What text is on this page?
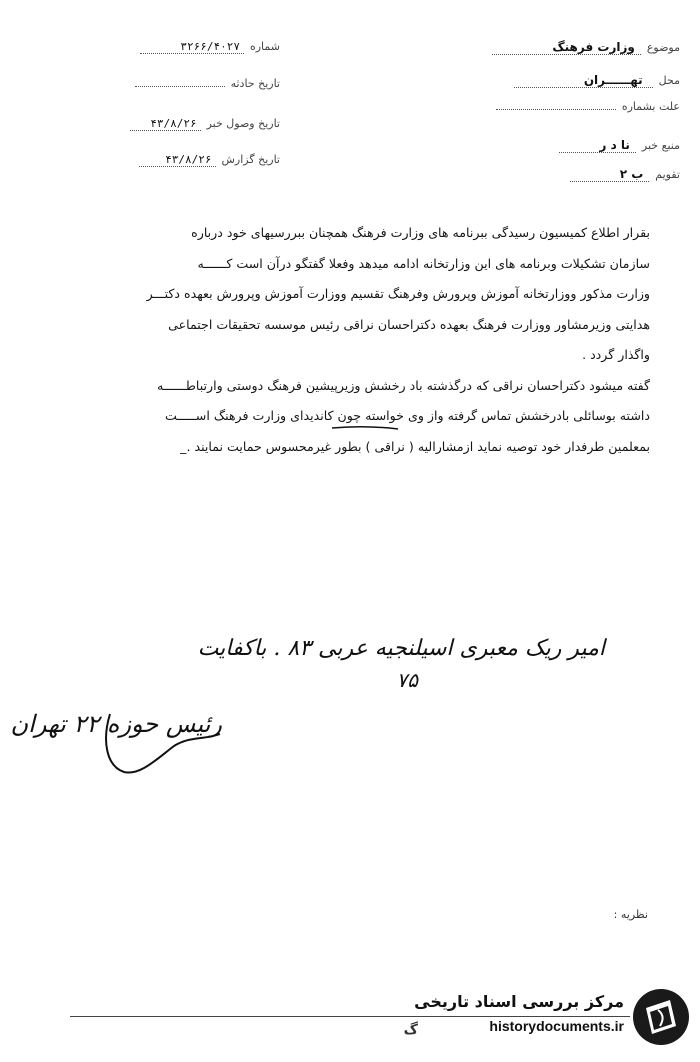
موضوع
وزارت فرهنگ
محل
تهــــــران
علت بشماره
منبع خبر
نا د ر
تقویم
ب ۲
شماره
۳۲۶۶/۴۰۲۷
تاریخ حادثه
تاریخ وصول خبر
۴۳/۸/۲۶
تاریخ گزارش
۴۳/۸/۲۶

بقرار اطلاع کمیسیون رسیدگی ببرنامه های وزارت فرهنگ همچنان ببررسیهای خود درباره
سازمان تشکیلات وبرنامه های این وزارتخانه ادامه میدهد وفعلا گفتگو درآن است کــــــه
وزارت مذکور ووزارتخانه آموزش وپرورش وفرهنگ تقسیم ووزارت آموزش وپرورش بعهده دکتـــر
هدایتی وزیرمشاور ووزارت فرهنگ بعهده دکتراحسان نراقی رئیس موسسه تحقیقات اجتماعی
واگذار گردد .

گفته میشود دکتراحسان نراقی که درگذشته باد رخشش وزیرپیشین فرهنگ دوستی وارتباطــــــه
داشته بوسائلی بادرخشش تماس گرفته واز وی خواسته چون کاندیدای وزارت فرهنگ اســـــت
بمعلمین طرفدار خود توصیه نماید ازمشارالیه ( نراقی ) بطور غیرمحسوس حمایت نمایند ._

امیر ریک معبری اسیلنجیه عربی ۸۳ . باکفایت
۷۵
رئیس حوزه ۲۲ تهران
نظریه :
مرکز بررسی اسناد تاریخی
historydocuments.ir
گ
